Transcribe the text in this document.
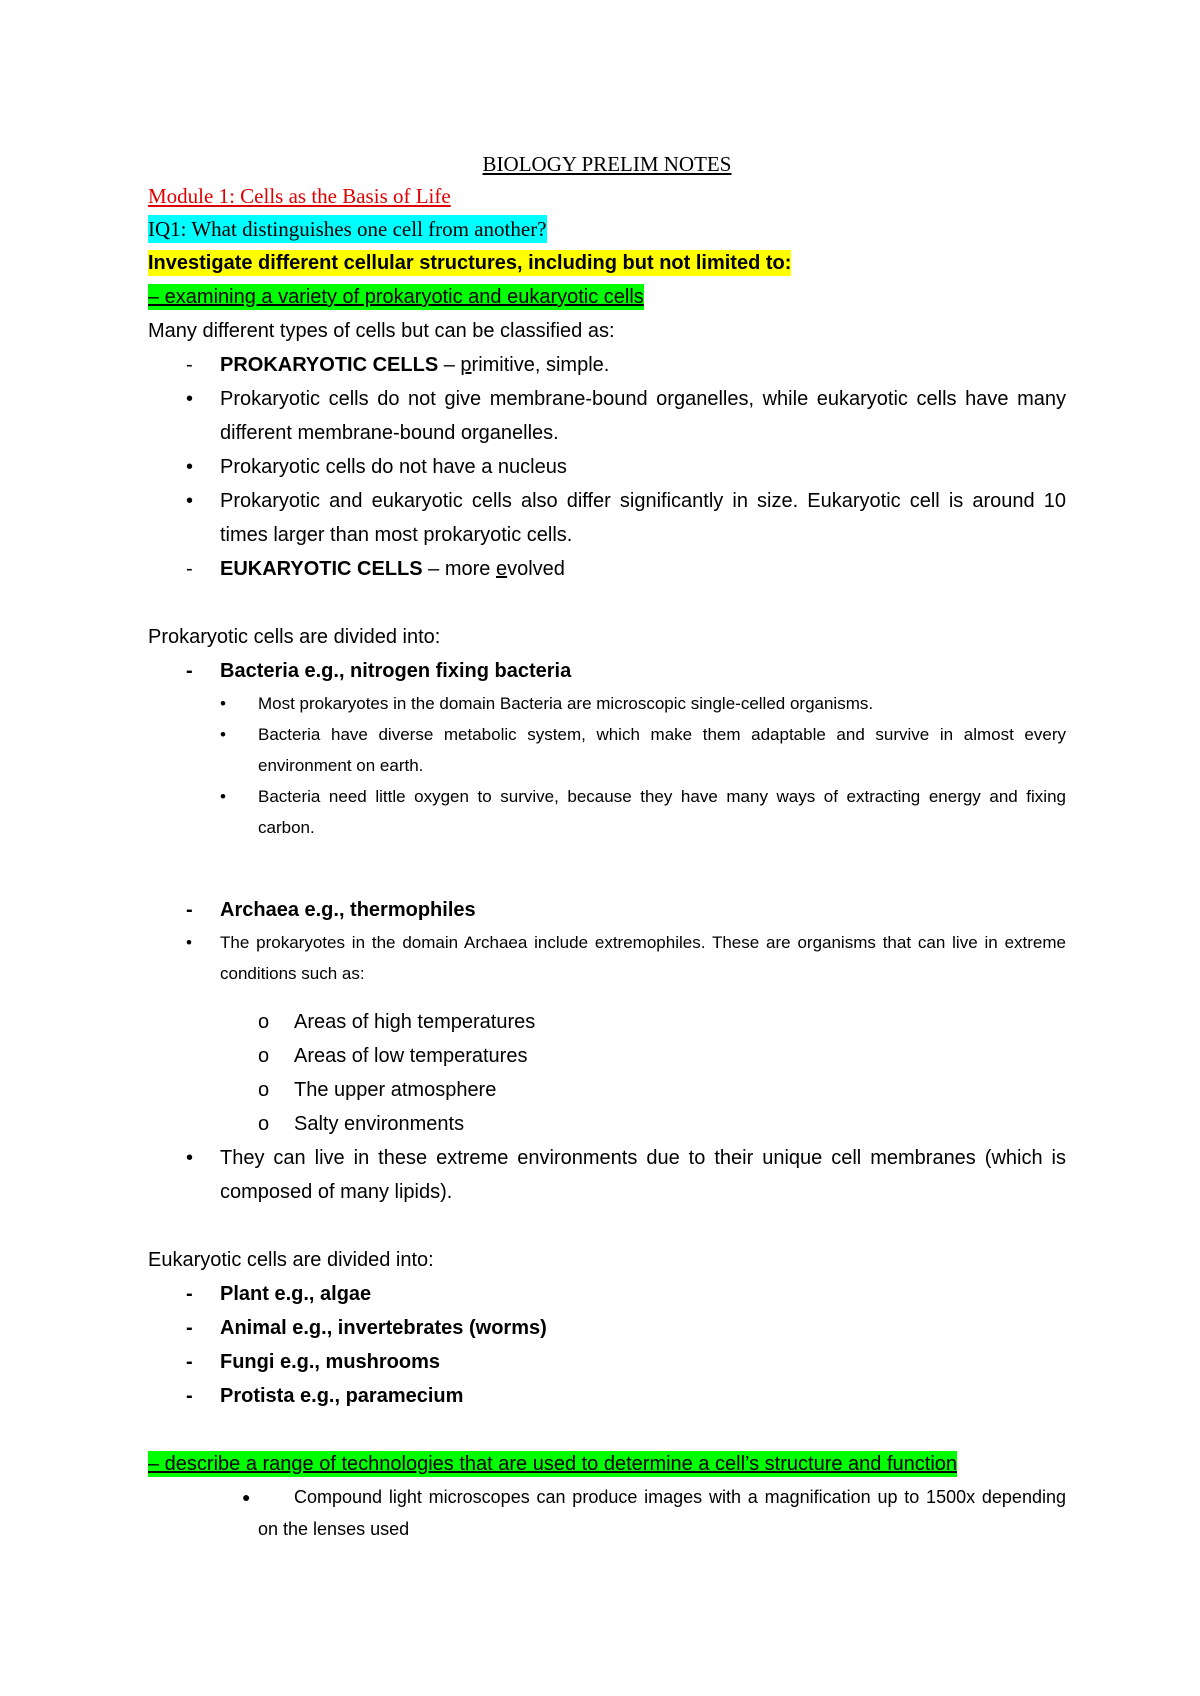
BIOLOGY PRELIM NOTES
Module 1: Cells as the Basis of Life
IQ1: What distinguishes one cell from another?
Investigate different cellular structures, including but not limited to:
– examining a variety of prokaryotic and eukaryotic cells
Many different types of cells but can be classified as:
- PROKARYOTIC CELLS – primitive, simple.
• Prokaryotic cells do not give membrane-bound organelles, while eukaryotic cells have many different membrane-bound organelles.
• Prokaryotic cells do not have a nucleus
• Prokaryotic and eukaryotic cells also differ significantly in size. Eukaryotic cell is around 10 times larger than most prokaryotic cells.
- EUKARYOTIC CELLS – more evolved
Prokaryotic cells are divided into:
- Bacteria e.g., nitrogen fixing bacteria
• Most prokaryotes in the domain Bacteria are microscopic single-celled organisms.
• Bacteria have diverse metabolic system, which make them adaptable and survive in almost every environment on earth.
• Bacteria need little oxygen to survive, because they have many ways of extracting energy and fixing carbon.
- Archaea e.g., thermophiles
• The prokaryotes in the domain Archaea include extremophiles. These are organisms that can live in extreme conditions such as:
o Areas of high temperatures
o Areas of low temperatures
o The upper atmosphere
o Salty environments
• They can live in these extreme environments due to their unique cell membranes (which is composed of many lipids).
Eukaryotic cells are divided into:
- Plant e.g., algae
- Animal e.g., invertebrates (worms)
- Fungi e.g., mushrooms
- Protista e.g., paramecium
– describe a range of technologies that are used to determine a cell’s structure and function
● Compound light microscopes can produce images with a magnification up to 1500x depending on the lenses used
